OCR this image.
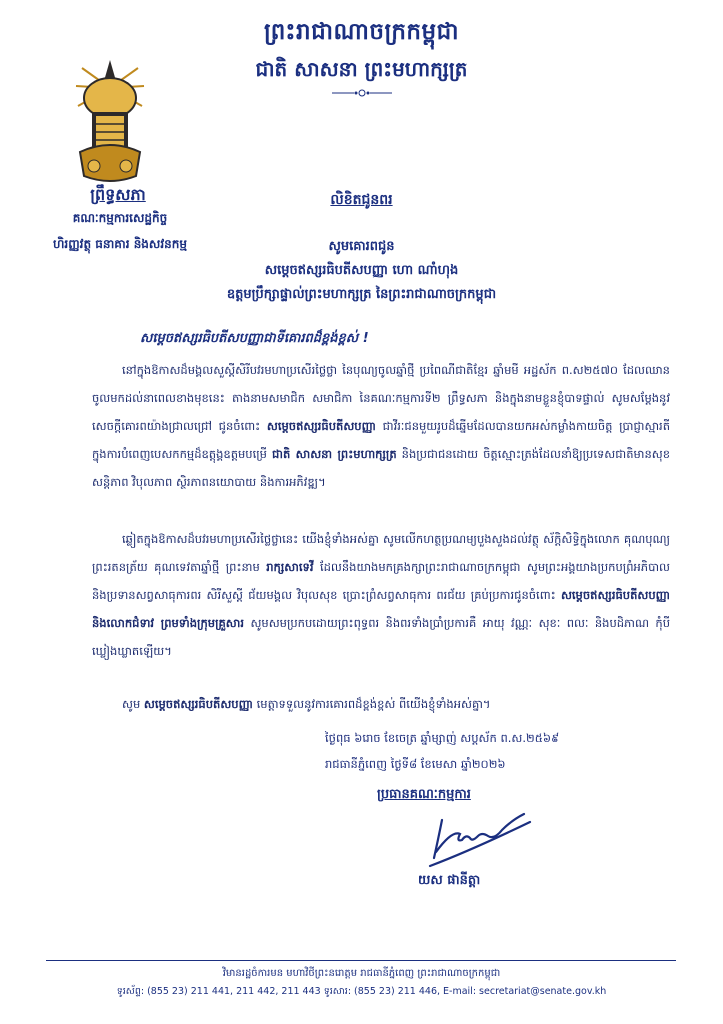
ព្រះរាជាណាចក្រកម្ពុជា
ជាតិ សាសនា ព្រះមហាក្សត្រ
ព្រឹទ្ធសភា
គណៈកម្មការសេដ្ឋកិច្ច
ហិរញ្ញវត្ថុ ធនាគារ និងសវនកម្ម
លិខិតជូនពរ
សូមគោរពជូន
សម្តេចឥស្សរធិបតីសបញ្ញា ហោ ណាំហុង
ឧត្តមប្រឹក្សាផ្ទាល់ព្រះមហាក្សត្រ នៃព្រះរាជាណាចក្រកម្ពុជា
សម្ដេចឥស្សរធិបតីសបញ្ញាជាទីគោរពដ៏ខ្ពង់ខ្ពស់ !
នៅក្នុងឱកាសដ៏មង្គលសួស្តីសិរីបវរមហាប្រសើរថ្លៃថ្លា នៃបុណ្យចូលឆ្នាំថ្មី ប្រពៃណីជាតិខ្មែរ ឆ្នាំមមី អដ្ឋស័ក ព.ស២៥៧០ ដែលឈានចូលមកដល់នាពេលខាងមុខនេះ តាងនាមសមាជិក សមាជិកា នៃគណៈកម្មការទី២ ព្រឹទ្ធសភា និងក្នុងនាមខ្លួនខ្ញុំបាទផ្ទាល់ សូមសម្តែងនូវសេចក្តីគោរពយ៉ាងជ្រាលជ្រៅ ជូនចំពោះ សម្ដេចឥស្សរធិបតីសបញ្ញា ជាវីរៈជនមួយរូបដ៏ឆ្នើមដែលបានយកអស់កម្លាំងកាយចិត្ត ប្រាជ្ញាស្មារតី ក្នុងការបំពេញបេសកកម្មដ៏ឧត្តុង្គឧត្តមបម្រើ ជាតិ សាសនា ព្រះមហាក្សត្រ និងប្រជាជនដោយ ចិត្តស្មោះត្រង់ដែលនាំឱ្យប្រទេសជាតិមានសុខសន្តិភាព វិបុលភាព ស្ថិរភាពនយោបាយ និងការអភិវឌ្ឍ។
ឆ្លៀតក្នុងឱកាសដ៏បវរមហាប្រសើរថ្លៃថ្លានេះ យើងខ្ញុំទាំងអស់គ្នា សូមលើកហត្ថប្រណម្យបួងសួងដល់វត្ថុ ស័ក្តិសិទ្ធិក្នុងលោក គុណបុណ្យព្រះរតនត្រ័យ គុណទេវតាឆ្នាំថ្មី ព្រះនាម រាក្សសាទេវី ដែលនឹងយាងមកគ្រងក្សាព្រះរាជាណាចក្រកម្ពុជា សូមព្រះអង្គយាងប្រកបព្រំអភិបាល និងប្រទានសព្វសាធុការពរ សិរីសួស្តី ជ័យមង្គល វិបុលសុខ ប្រោះព្រំសព្វសាធុការ ពរជ័យ គ្រប់ប្រការជូនចំពោះ សម្ដេចឥស្សរធិបតីសបញ្ញា និងលោកជំទាវ ព្រមទាំងក្រុមគ្រួសារ សូមសមប្រកបដោយព្រះពុទ្ធពរ និងពរទាំងប្រាំប្រការគឺ អាយុ វណ្ណៈ សុខៈ ពលៈ និងបដិភាណ កុំបីឃ្លៀងឃ្លាតឡើយ។
សូម សម្ដេចឥស្សរធិបតីសបញ្ញា មេត្តាទទួលនូវការគោរពដ៏ខ្ពង់ខ្ពស់ ពីយើងខ្ញុំទាំងអស់គ្នា។
ថ្ងៃពុធ ៦រោច ខែចេត្រ ឆ្នាំម្សាញ់ សប្តស័ក ព.ស.២៥៦៩
រាជធានីភ្នំពេញ ថ្ងៃទី៨ ខែមេសា ឆ្នាំ២០២៦
ប្រធានគណៈកម្មការ
យស ផានីត្តា
វិមានរដ្ឋចំការមន មហាវិថីព្រះនរោត្តម រាជធានីភ្នំពេញ ព្រះរាជាណាចក្រកម្ពុជា
ទូរស័ព្ទ: (855 23) 211 441, 211 442, 211 443 ទូរសារ: (855 23) 211 446, E-mail: secretariat@senate.gov.kh
